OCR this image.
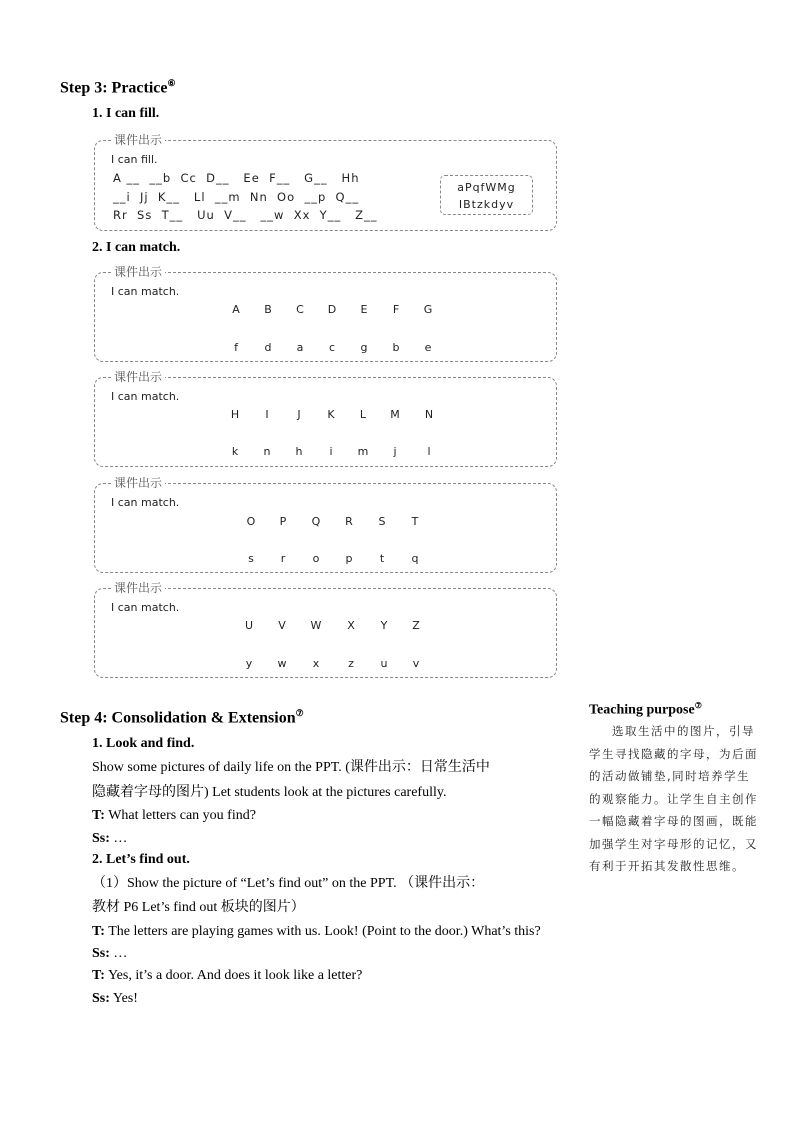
Step 3: Practice⑥
1. I can fill.
课件出示
I can fill.
A __  __b  Cc  D__   Ee  F__   G__   Hh
__i  Jj  K__   Ll  __m  Nn  Oo  __p  Q__
Rr  Ss  T__   Uu  V__   __w  Xx  Y__   Z__
aPqfWMg
IBtzkdyv
2. I can match.
课件出示
I can match.
A	B	C	D	E	F	G
f	d	a	c	g	b	e
课件出示
I can match.
H	I	J	K	L	M	N
k	n	h	i	m	j	l
课件出示
I can match.
O	P	Q	R	S	T
s	r	o	p	t	q
课件出示
I can match.
U	V	W	X	Y	Z
y	w	x	z	u	v
Step 4: Consolidation & Extension⑦
1. Look and find.
Show some pictures of daily life on the PPT. (课件出示：日常生活中
隐藏着字母的图片) Let students look at the pictures carefully.
T: What letters can you find?
Ss: …
2. Let’s find out.
（1）Show the picture of “Let’s find out” on the PPT. （课件出示：
教材 P6 Let’s find out 板块的图片）
T: The letters are playing games with us. Look! (Point to the door.) What’s this?
Ss: …
T: Yes, it’s a door. And does it look like a letter?
Ss: Yes!
Teaching purpose⑦
选取生活中的图片，引导学生寻找隐藏的字母，为后面的活动做铺垫,同时培养学生的观察能力。让学生自主创作一幅隐藏着字母的图画，既能加强学生对字母形的记忆，又有利于开拓其发散性思维。
